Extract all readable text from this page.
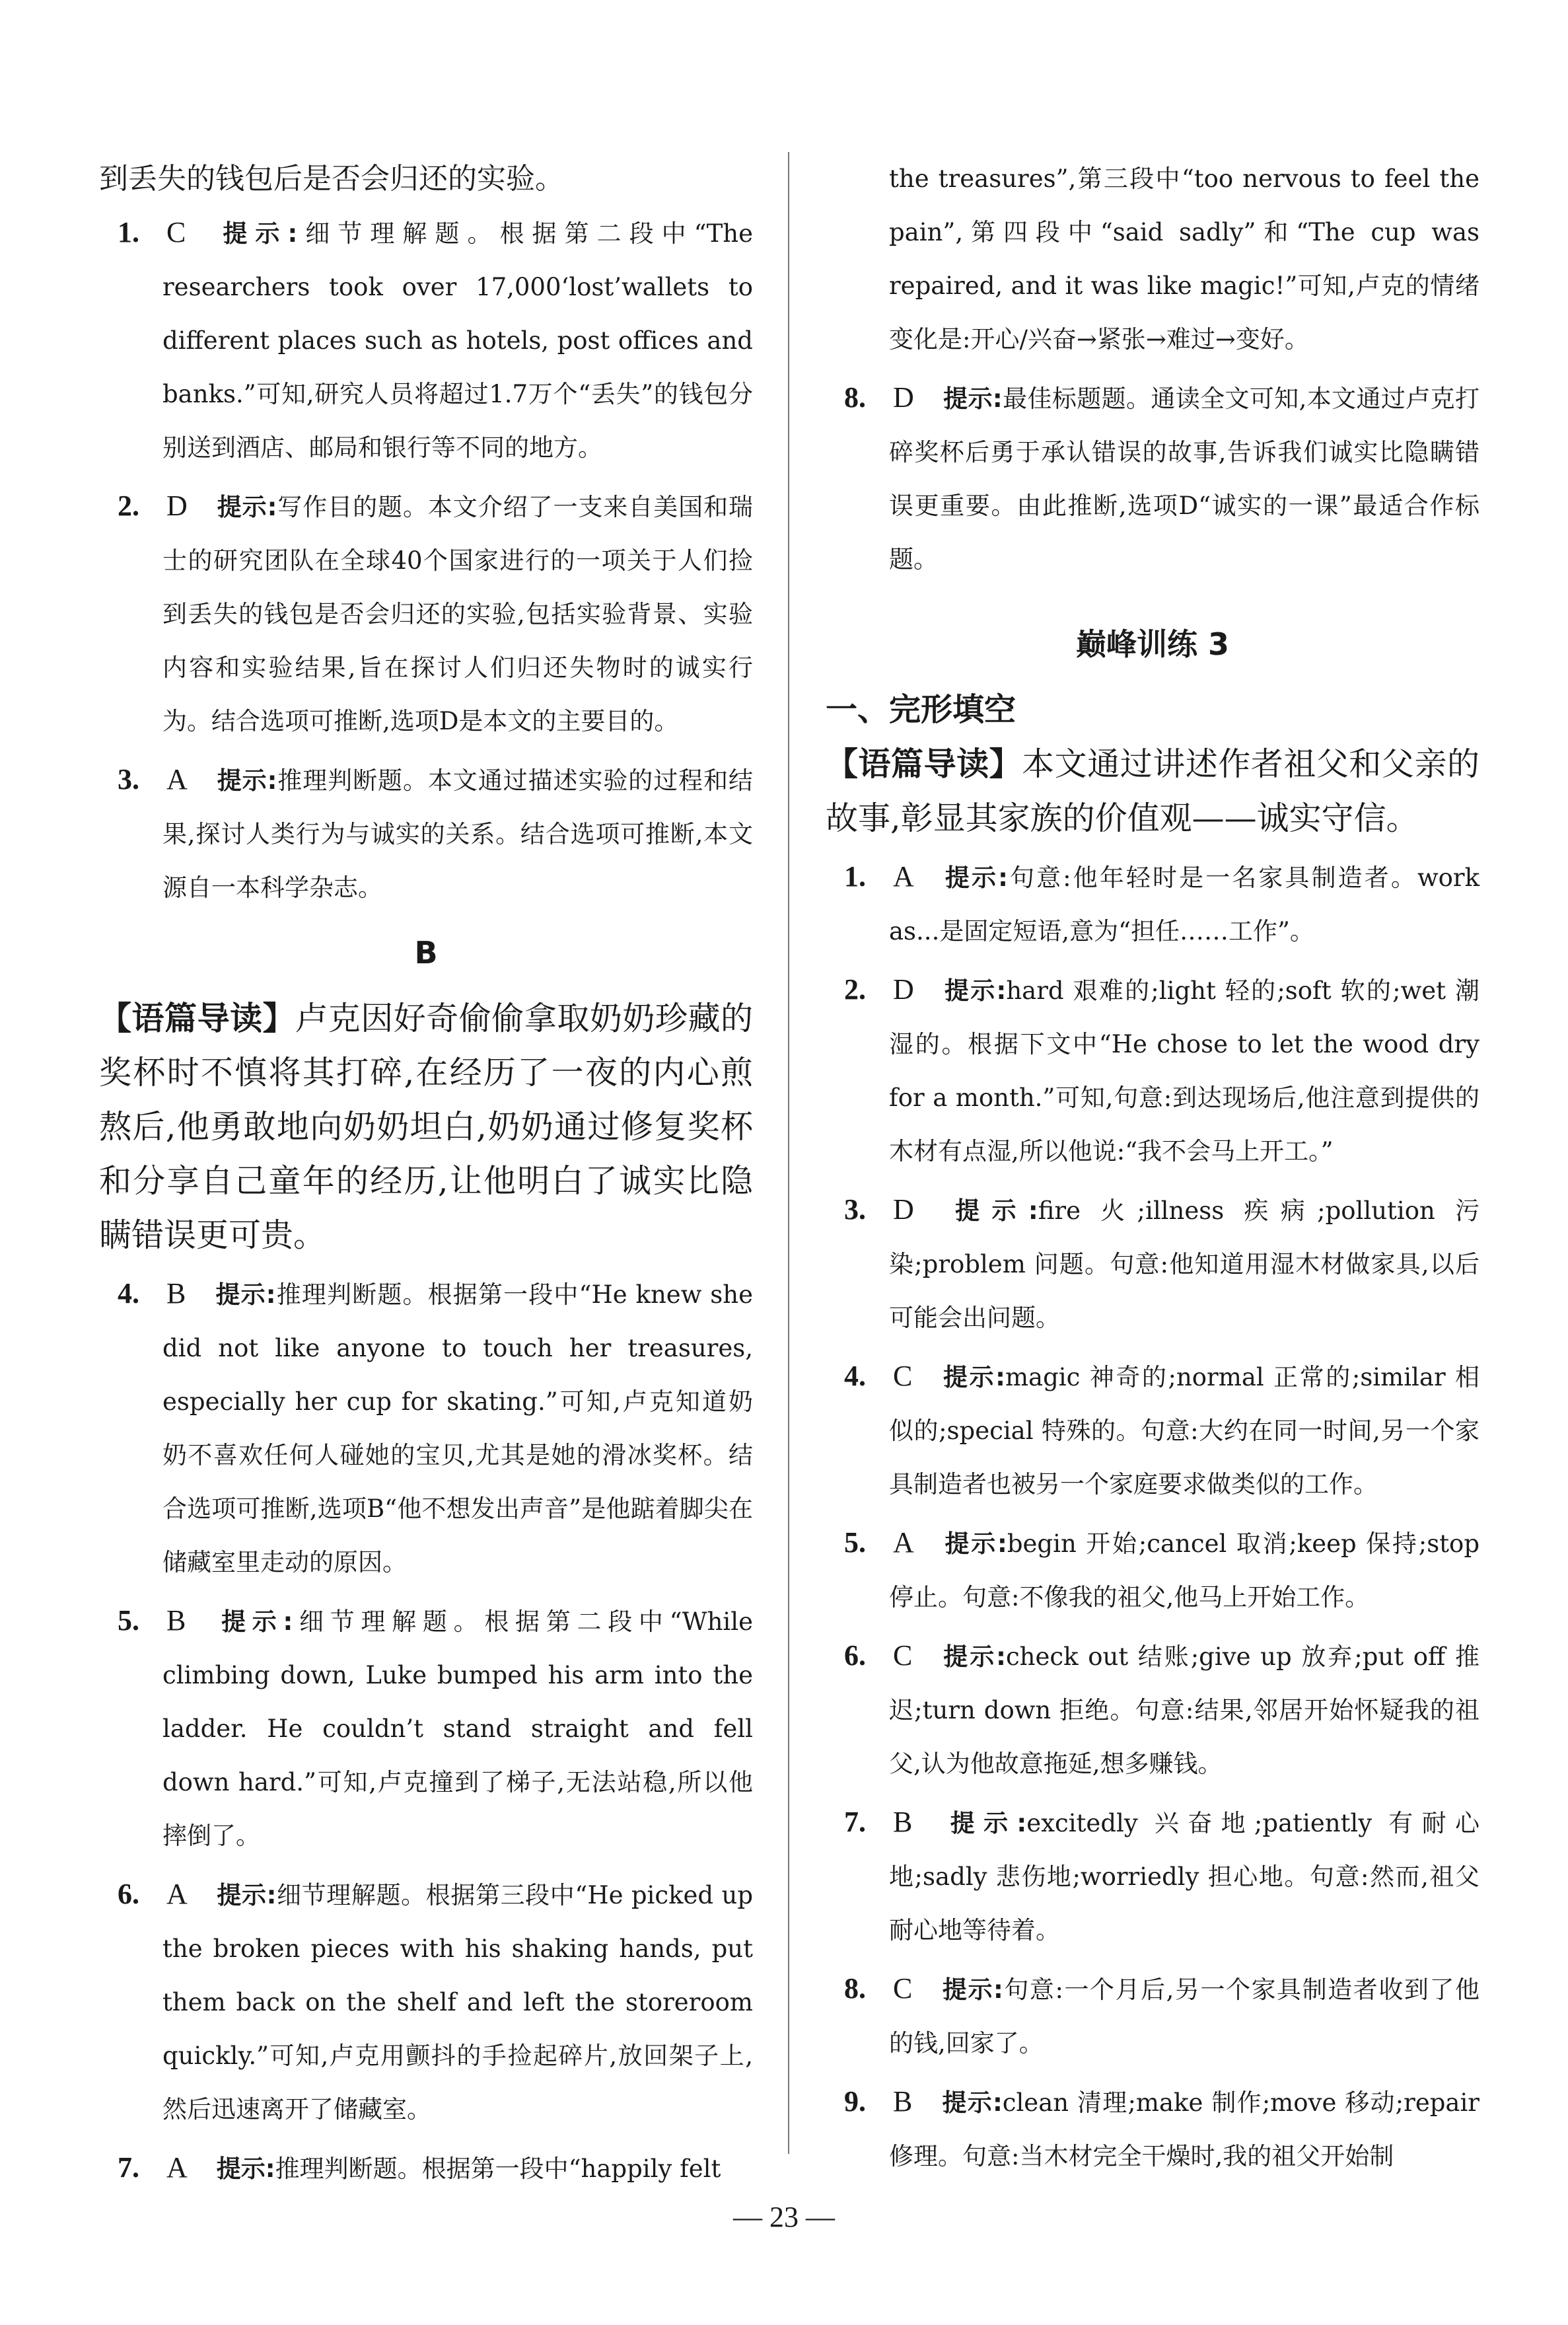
到丢失的钱包后是否会归还的实验。

1. C 提示:细节理解题。根据第二段中“The researchers took over 17,000‘lost’wallets to different places such as hotels, post offices and banks.”可知,研究人员将超过1.7万个“丢失”的钱包分别送到酒店、邮局和银行等不同的地方。
2. D 提示:写作目的题。本文介绍了一支来自美国和瑞士的研究团队在全球40个国家进行的一项关于人们捡到丢失的钱包是否会归还的实验,包括实验背景、实验内容和实验结果,旨在探讨人们归还失物时的诚实行为。结合选项可推断,选项D是本文的主要目的。
3. A 提示:推理判断题。本文通过描述实验的过程和结果,探讨人类行为与诚实的关系。结合选项可推断,本文源自一本科学杂志。
B

【语篇导读】卢克因好奇偷偷拿取奶奶珍藏的奖杯时不慎将其打碎,在经历了一夜的内心煎熬后,他勇敢地向奶奶坦白,奶奶通过修复奖杯和分享自己童年的经历,让他明白了诚实比隐瞒错误更可贵。

4. B 提示:推理判断题。根据第一段中“He knew she did not like anyone to touch her treasures, especially her cup for skating.”可知,卢克知道奶奶不喜欢任何人碰她的宝贝,尤其是她的滑冰奖杯。结合选项可推断,选项B“他不想发出声音”是他踮着脚尖在储藏室里走动的原因。
5. B 提示:细节理解题。根据第二段中“While climbing down, Luke bumped his arm into the ladder. He couldn’t stand straight and fell down hard.”可知,卢克撞到了梯子,无法站稳,所以他摔倒了。
6. A 提示:细节理解题。根据第三段中“He picked up the broken pieces with his shaking hands, put them back on the shelf and left the storeroom quickly.”可知,卢克用颤抖的手捡起碎片,放回架子上,然后迅速离开了储藏室。
7. A 提示:推理判断题。根据第一段中“happily felt

the treasures”,第三段中“too nervous to feel the pain”,第四段中“said sadly”和“The cup was repaired, and it was like magic!”可知,卢克的情绪变化是:开心/兴奋→紧张→难过→变好。

8. D 提示:最佳标题题。通读全文可知,本文通过卢克打碎奖杯后勇于承认错误的故事,告诉我们诚实比隐瞒错误更重要。由此推断,选项D“诚实的一课”最适合作标题。
巅峰训练 3
一、完形填空

【语篇导读】本文通过讲述作者祖父和父亲的故事,彰显其家族的价值观——诚实守信。

1. A 提示:句意:他年轻时是一名家具制造者。work as...是固定短语,意为“担任……工作”。
2. D 提示:hard 艰难的;light 轻的;soft 软的;wet 潮湿的。根据下文中“He chose to let the wood dry for a month.”可知,句意:到达现场后,他注意到提供的木材有点湿,所以他说:“我不会马上开工。”
3. D 提示:fire 火;illness 疾病;pollution 污染;problem 问题。句意:他知道用湿木材做家具,以后可能会出问题。
4. C 提示:magic 神奇的;normal 正常的;similar 相似的;special 特殊的。句意:大约在同一时间,另一个家具制造者也被另一个家庭要求做类似的工作。
5. A 提示:begin 开始;cancel 取消;keep 保持;stop 停止。句意:不像我的祖父,他马上开始工作。
6. C 提示:check out 结账;give up 放弃;put off 推迟;turn down 拒绝。句意:结果,邻居开始怀疑我的祖父,认为他故意拖延,想多赚钱。
7. B 提示:excitedly 兴奋地;patiently 有耐心地;sadly 悲伤地;worriedly 担心地。句意:然而,祖父耐心地等待着。
8. C 提示:句意:一个月后,另一个家具制造者收到了他的钱,回家了。
9. B 提示:clean 清理;make 制作;move 移动;repair 修理。句意:当木材完全干燥时,我的祖父开始制
— 23 —
